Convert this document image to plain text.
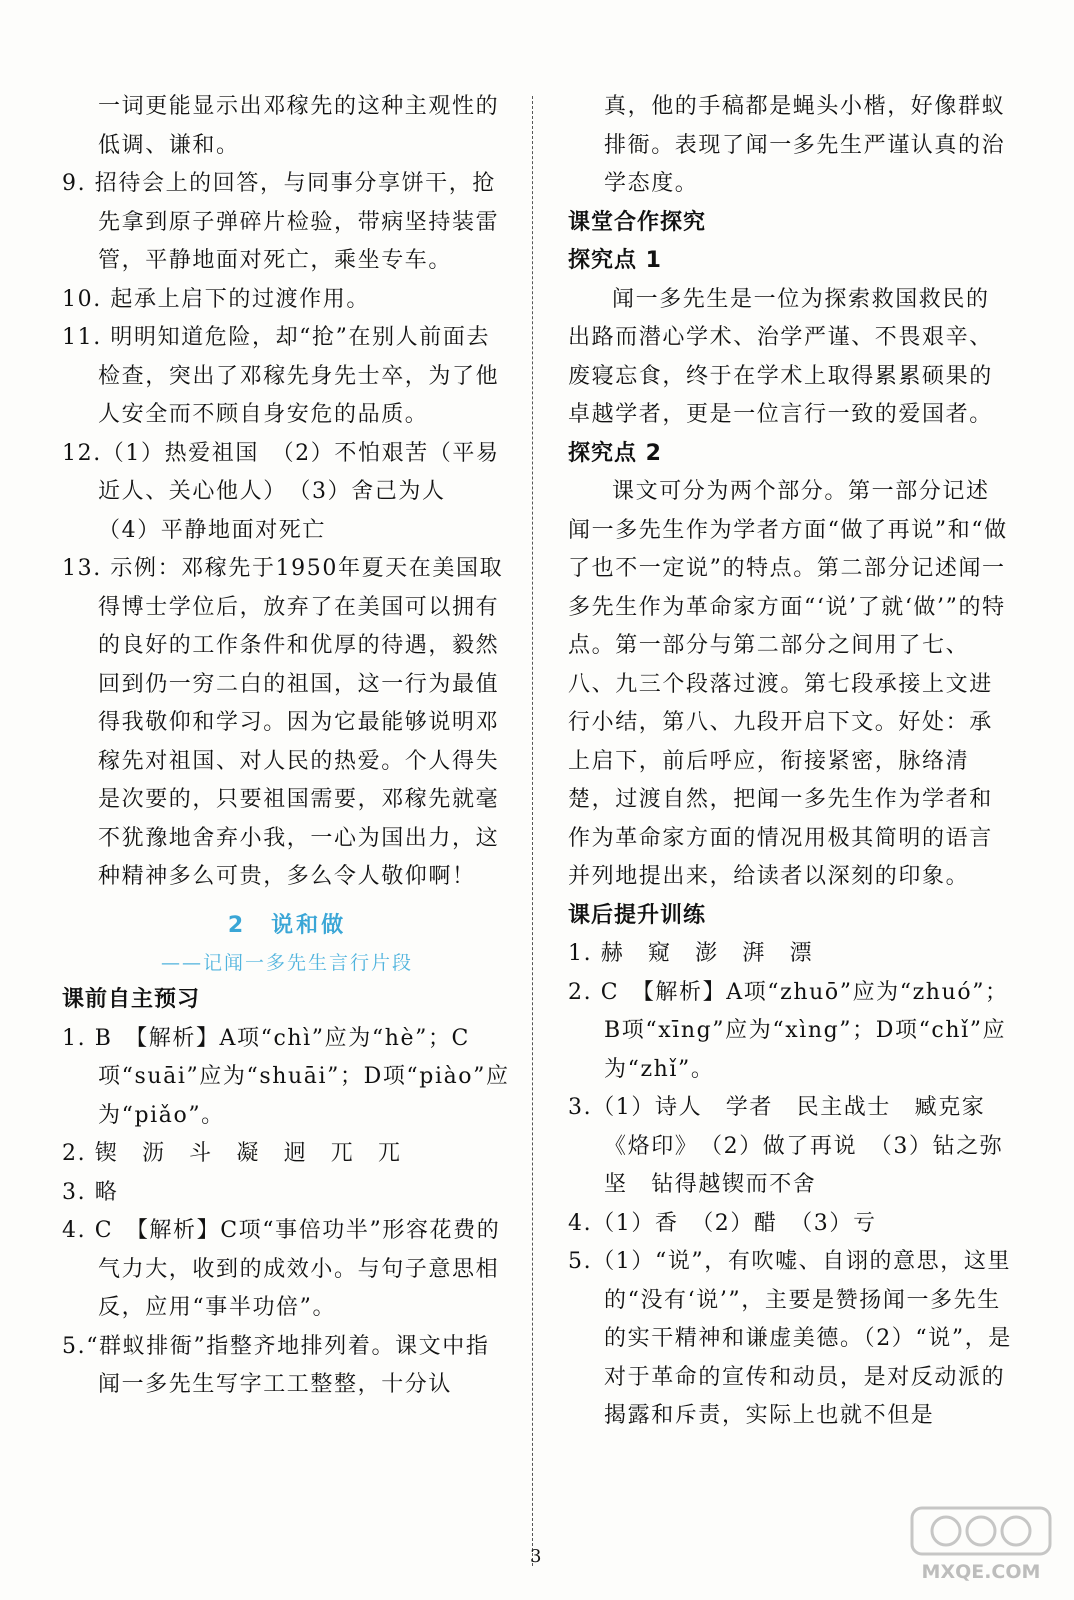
一词更能显示出邓稼先的这种主观性的低调、谦和。

9. 招待会上的回答，与同事分享饼干，抢先拿到原子弹碎片检验，带病坚持装雷管，平静地面对死亡，乘坐专车。

10. 起承上启下的过渡作用。

11. 明明知道危险，却“抢”在别人前面去检查，突出了邓稼先身先士卒，为了他人安全而不顾自身安危的品质。

12.（1）热爱祖国　（2）不怕艰苦（平易近人、关心他人）　（3）舍己为人

（4）平静地面对死亡

13. 示例：邓稼先于1950年夏天在美国取得博士学位后，放弃了在美国可以拥有的良好的工作条件和优厚的待遇，毅然回到仍一穷二白的祖国，这一行为最值得我敬仰和学习。因为它最能够说明邓稼先对祖国、对人民的热爱。个人得失是次要的，只要祖国需要，邓稼先就毫不犹豫地舍弃小我，一心为国出力，这种精神多么可贵，多么令人敬仰啊！

2　说和做

——记闻一多先生言行片段

课前自主预习

1. B　【解析】A项“chì”应为“hè”；C项“suāi”应为“shuāi”；D项“piào”应为“piǎo”。

2. 锲　沥　斗　凝　迥　兀　兀

3. 略

4. C　【解析】C项“事倍功半”形容花费的气力大，收到的成效小。与句子意思相反，应用“事半功倍”。

5.“群蚁排衙”指整齐地排列着。课文中指闻一多先生写字工工整整，十分认

真，他的手稿都是蝇头小楷，好像群蚁排衙。表现了闻一多先生严谨认真的治学态度。

课堂合作探究

探究点 1

闻一多先生是一位为探索救国救民的出路而潜心学术、治学严谨、不畏艰辛、废寝忘食，终于在学术上取得累累硕果的卓越学者，更是一位言行一致的爱国者。

探究点 2

课文可分为两个部分。第一部分记述闻一多先生作为学者方面“做了再说”和“做了也不一定说”的特点。第二部分记述闻一多先生作为革命家方面“‘说’了就‘做’”的特点。第一部分与第二部分之间用了七、八、九三个段落过渡。第七段承接上文进行小结，第八、九段开启下文。好处：承上启下，前后呼应，衔接紧密，脉络清楚，过渡自然，把闻一多先生作为学者和作为革命家方面的情况用极其简明的语言并列地提出来，给读者以深刻的印象。

课后提升训练

1. 赫　窥　澎　湃　漂

2. C　【解析】A项“zhuō”应为“zhuó”；B项“xīng”应为“xìng”；D项“chǐ”应为“zhǐ”。

3.（1）诗人　学者　民主战士　臧克家《烙印》　（2）做了再说　（3）钻之弥坚　钻得越锲而不舍

4.（1）香　（2）醋　（3）亏

5.（1）“说”，有吹嘘、自诩的意思，这里的“没有‘说’”，主要是赞扬闻一多先生的实干精神和谦虚美德。（2）“说”，是对于革命的宣传和动员，是对反动派的揭露和斥责，实际上也就不但是

3
MXQE.COM
